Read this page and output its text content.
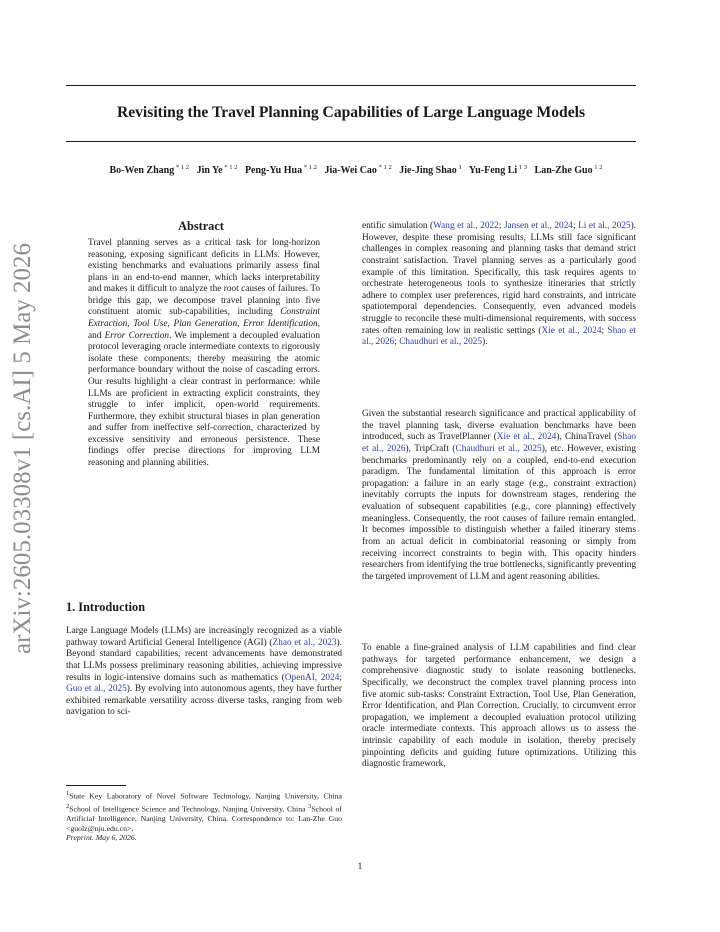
Revisiting the Travel Planning Capabilities of Large Language Models
Bo-Wen Zhang $^{* 1 2}$  Jin Ye $^{* 1 2}$  Peng-Yu Hua $^{* 1 2}$  Jia-Wei Cao $^{* 1 2}$  Jie-Jing Shao $^1$  Yu-Feng Li $^{1 3}$  Lan-Zhe Guo $^{1 2}$
arXiv:2605.03308v1 [cs.AI] 5 May 2026
Abstract
Travel planning serves as a critical task for long-horizon reasoning, exposing significant deficits in LLMs. However, existing benchmarks and evaluations primarily assess final plans in an end-to-end manner, which lacks interpretability and makes it difficult to analyze the root causes of failures. To bridge this gap, we decompose travel planning into five constituent atomic sub-capabilities, including Constraint Extraction, Tool Use, Plan Generation, Error Identification, and Error Correction. We implement a decoupled evaluation protocol leveraging oracle intermediate contexts to rigorously isolate these components, thereby measuring the atomic performance boundary without the noise of cascading errors. Our results highlight a clear contrast in performance: while LLMs are proficient in extracting explicit constraints, they struggle to infer implicit, open-world requirements. Furthermore, they exhibit structural biases in plan generation and suffer from ineffective self-correction, characterized by excessive sensitivity and erroneous persistence. These findings offer precise directions for improving LLM reasoning and planning abilities.
1. Introduction
Large Language Models (LLMs) are increasingly recognized as a viable pathway toward Artificial General Intelligence (AGI) (Zhao et al., 2023). Beyond standard capabilities, recent advancements have demonstrated that LLMs possess preliminary reasoning abilities, achieving impressive results in logic-intensive domains such as mathematics (OpenAI, 2024; Guo et al., 2025). By evolving into autonomous agents, they have further exhibited remarkable versatility across diverse tasks, ranging from web navigation to sci-
$^1$State Key Laboratory of Novel Software Technology, Nanjing University, China $^2$School of Intelligence Science and Technology, Nanjing University, China $^3$School of Artificial Intelligence, Nanjing University, China. Correspondence to: Lan-Zhe Guo <guolz@nju.edu.cn>.
Preprint. May 6, 2026.
entific simulation (Wang et al., 2022; Jansen et al., 2024; Li et al., 2025). However, despite these promising results, LLMs still face significant challenges in complex reasoning and planning tasks that demand strict constraint satisfaction. Travel planning serves as a particularly good example of this limitation. Specifically, this task requires agents to orchestrate heterogeneous tools to synthesize itineraries that strictly adhere to complex user preferences, rigid hard constraints, and intricate spatiotemporal dependencies. Consequently, even advanced models struggle to reconcile these multi-dimensional requirements, with success rates often remaining low in realistic settings (Xie et al., 2024; Shao et al., 2026; Chaudhuri et al., 2025).
Given the substantial research significance and practical applicability of the travel planning task, diverse evaluation benchmarks have been introduced, such as TravelPlanner (Xie et al., 2024), ChinaTravel (Shao et al., 2026), TripCraft (Chaudhuri et al., 2025), etc. However, existing benchmarks predominantly rely on a coupled, end-to-end execution paradigm. The fundamental limitation of this approach is error propagation: a failure in an early stage (e.g., constraint extraction) inevitably corrupts the inputs for downstream stages, rendering the evaluation of subsequent capabilities (e.g., core planning) effectively meaningless. Consequently, the root causes of failure remain entangled. It becomes impossible to distinguish whether a failed itinerary stems from an actual deficit in combinatorial reasoning or simply from receiving incorrect constraints to begin with. This opacity hinders researchers from identifying the true bottlenecks, significantly preventing the targeted improvement of LLM and agent reasoning abilities.
To enable a fine-grained analysis of LLM capabilities and find clear pathways for targeted performance enhancement, we design a comprehensive diagnostic study to isolate reasoning bottlenecks. Specifically, we deconstruct the complex travel planning process into five atomic sub-tasks: Constraint Extraction, Tool Use, Plan Generation, Error Identification, and Plan Correction. Crucially, to circumvent error propagation, we implement a decoupled evaluation protocol utilizing oracle intermediate contexts. This approach allows us to assess the intrinsic capability of each module in isolation, thereby precisely pinpointing deficits and guiding future optimizations. Utilizing this diagnostic framework,
1
